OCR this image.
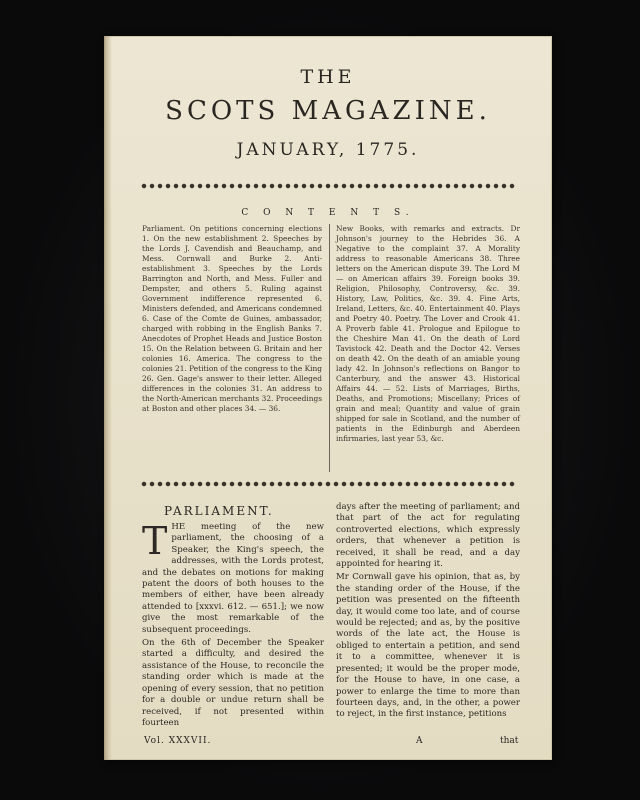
THE
SCOTS MAGAZINE.
JANUARY, 1775.
C O N T E N T S.
Parliament. On petitions concerning elections 1. On the new establishment 2. Speeches by the Lords J. Cavendish and Beauchamp, and Mess. Cornwall and Burke 2. Anti-establishment 3. Speeches by the Lords Barrington and North, and Mess. Fuller and Dempster, and others 5. Ruling against Government indifference represented 6. Ministers defended, and Americans condemned 6. Case of the Comte de Guines, ambassador, charged with robbing in the English Banks 7. Anecdotes of Prophet Heads and Justice Boston 15. On the Relation between G. Britain and her colonies 16. America. The congress to the colonies 21. Petition of the congress to the King 26. Gen. Gage's answer to their letter. Alleged differences in the colonies 31. An address to the North-American merchants 32. Proceedings at Boston and other places 34. — 36.
New Books, with remarks and extracts. Dr Johnson's journey to the Hebrides 36. A Negative to the complaint 37. A Morality address to reasonable Americans 38. Three letters on the American dispute 39. The Lord M— on American affairs 39. Foreign books 39. Religion, Philosophy, Controversy, &c. 39. History, Law, Politics, &c. 39. 4. Fine Arts, Ireland, Letters, &c. 40. Entertainment 40. Plays and Poetry 40. Poetry. The Lover and Crook 41. A Proverb fable 41. Prologue and Epilogue to the Cheshire Man 41. On the death of Lord Tavistock 42. Death and the Doctor 42. Verses on death 42. On the death of an amiable young lady 42. In Johnson's reflections on Bangor to Canterbury, and the answer 43. Historical Affairs 44. — 52. Lists of Marriages, Births, Deaths, and Promotions; Miscellany; Prices of grain and meal; Quantity and value of grain shipped for sale in Scotland, and the number of patients in the Edinburgh and Aberdeen infirmaries, last year 53, &c.
PARLIAMENT.
T HE meeting of the new parliament, the choosing of a Speaker, the King's speech, the addresses, with the Lords protest, and the debates on motions for making patent the doors of both houses to the members of either, have been already attended to [xxxvi. 612. — 651.]; we now give the most remarkable of the subsequent proceedings.
On the 6th of December the Speaker started a difficulty, and desired the assistance of the House, to reconcile the standing order which is made at the opening of every session, that no petition for a double or undue return shall be received, if not presented within fourteen
days after the meeting of parliament; and that part of the act for regulating controverted elections, which expressly orders, that whenever a petition is received, it shall be read, and a day appointed for hearing it.
Mr Cornwall gave his opinion, that as, by the standing order of the House, if the petition was presented on the fifteenth day, it would come too late, and of course would be rejected; and as, by the positive words of the late act, the House is obliged to entertain a petition, and send it to a committee, whenever it is presented; it would be the proper mode, for the House to have, in one case, a power to enlarge the time to more than fourteen days, and, in the other, a power to reject, in the first instance, petitions
Vol. XXXVII.	A	that
